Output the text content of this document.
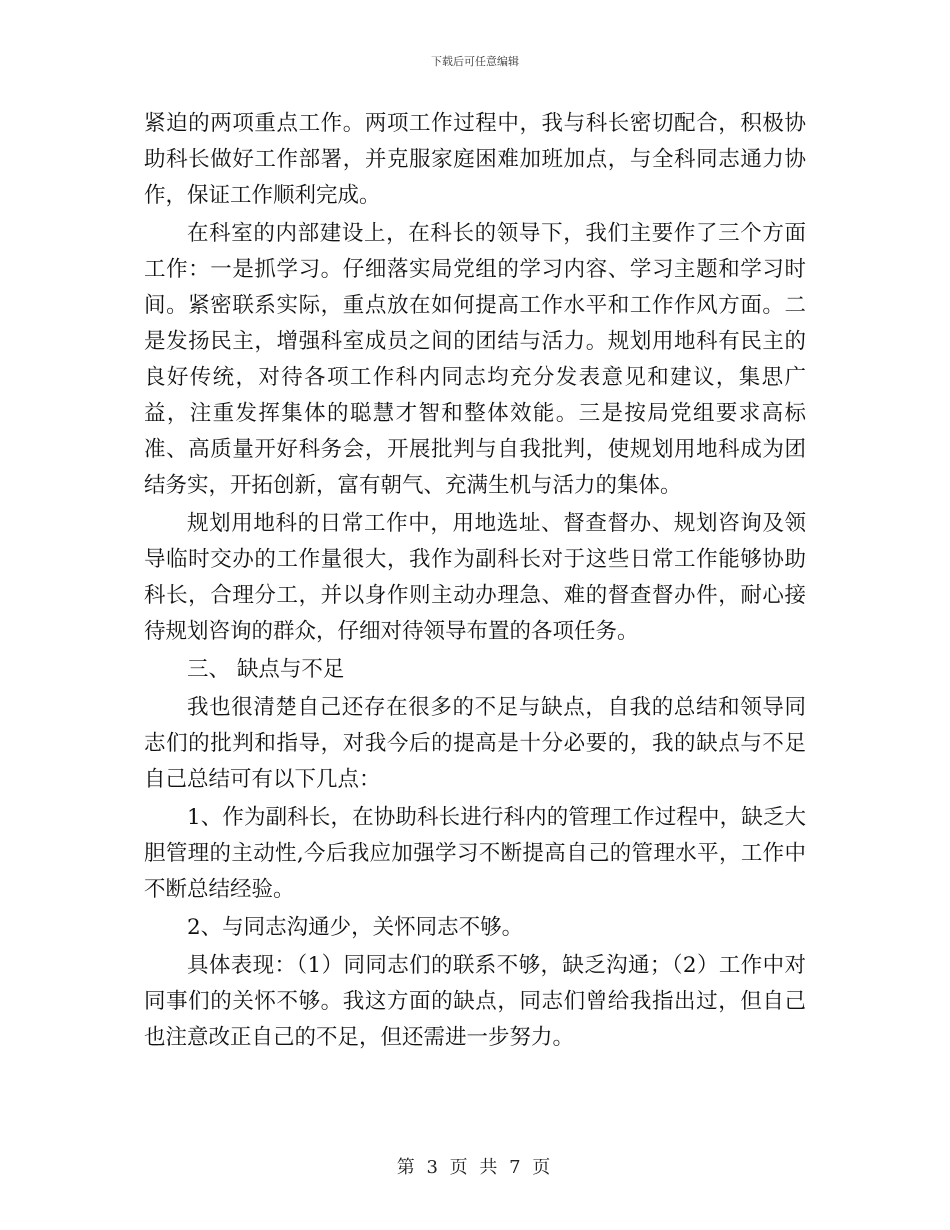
下载后可任意编辑

紧迫的两项重点工作。两项工作过程中，我与科长密切配合，积极协助科长做好工作部署，并克服家庭困难加班加点，与全科同志通力协作，保证工作顺利完成。

在科室的内部建设上，在科长的领导下，我们主要作了三个方面工作：一是抓学习。仔细落实局党组的学习内容、学习主题和学习时间。紧密联系实际，重点放在如何提高工作水平和工作作风方面。二是发扬民主，增强科室成员之间的团结与活力。规划用地科有民主的良好传统，对待各项工作科内同志均充分发表意见和建议，集思广益，注重发挥集体的聪慧才智和整体效能。三是按局党组要求高标准、高质量开好科务会，开展批判与自我批判，使规划用地科成为团结务实，开拓创新，富有朝气、充满生机与活力的集体。

规划用地科的日常工作中，用地选址、督查督办、规划咨询及领导临时交办的工作量很大，我作为副科长对于这些日常工作能够协助科长，合理分工，并以身作则主动办理急、难的督查督办件，耐心接待规划咨询的群众，仔细对待领导布置的各项任务。

三、 缺点与不足

我也很清楚自己还存在很多的不足与缺点，自我的总结和领导同志们的批判和指导，对我今后的提高是十分必要的，我的缺点与不足自己总结可有以下几点：

1、作为副科长，在协助科长进行科内的管理工作过程中，缺乏大胆管理的主动性,今后我应加强学习不断提高自己的管理水平，工作中不断总结经验。

2、与同志沟通少，关怀同志不够。

具体表现：（1）同同志们的联系不够，缺乏沟通；（2）工作中对同事们的关怀不够。我这方面的缺点，同志们曾给我指出过，但自己也注意改正自己的不足，但还需进一步努力。

第 3 页 共 7 页
